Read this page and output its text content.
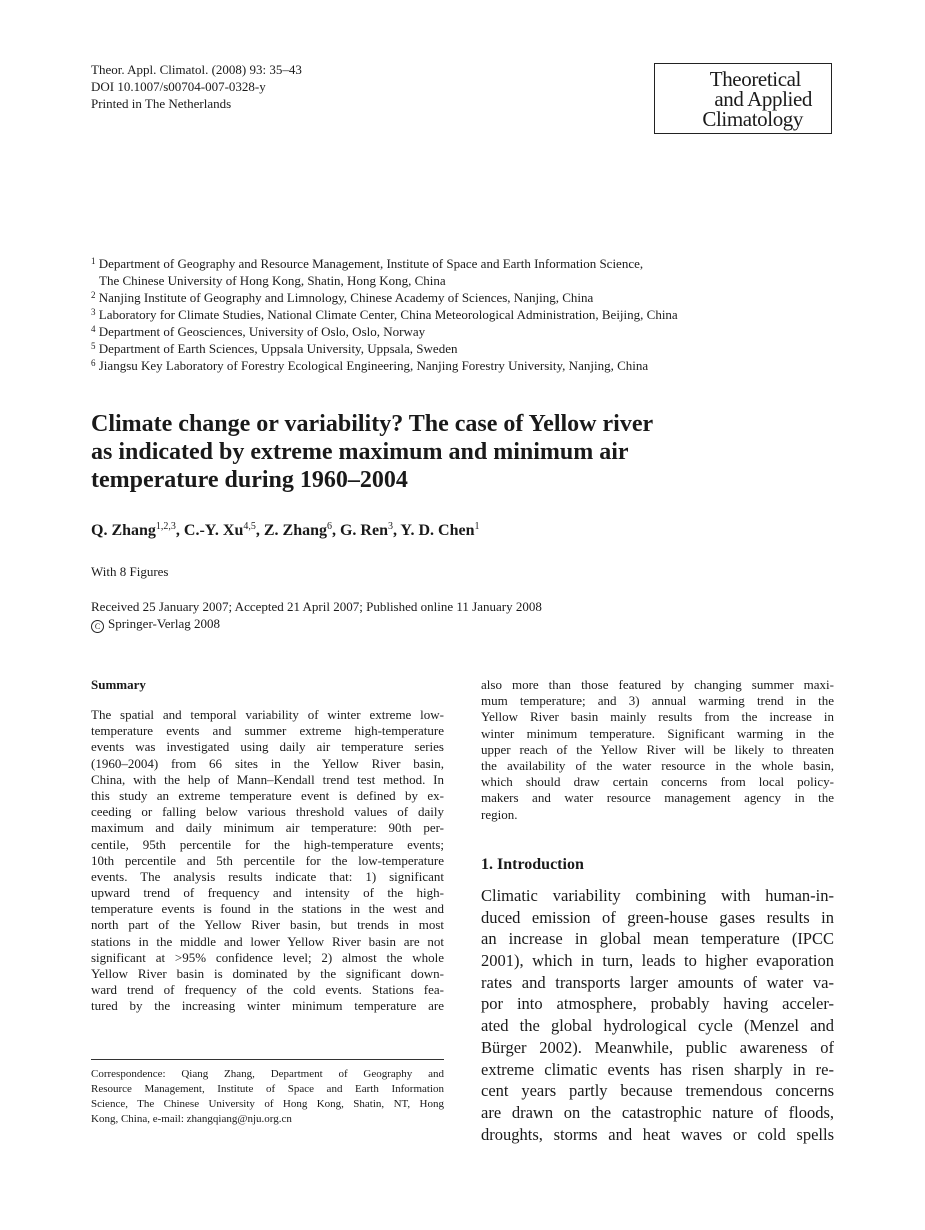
Theor. Appl. Climatol. (2008) 93: 35–43
DOI 10.1007/s00704-007-0328-y
Printed in The Netherlands
Theoretical
and Applied
Climatology
$^1$ Department of Geography and Resource Management, Institute of Space and Earth Information Science,
The Chinese University of Hong Kong, Shatin, Hong Kong, China
$^2$ Nanjing Institute of Geography and Limnology, Chinese Academy of Sciences, Nanjing, China
$^3$ Laboratory for Climate Studies, National Climate Center, China Meteorological Administration, Beijing, China
$^4$ Department of Geosciences, University of Oslo, Oslo, Norway
$^5$ Department of Earth Sciences, Uppsala University, Uppsala, Sweden
$^6$ Jiangsu Key Laboratory of Forestry Ecological Engineering, Nanjing Forestry University, Nanjing, China
Climate change or variability? The case of Yellow river
as indicated by extreme maximum and minimum air
temperature during 1960–2004
Q. Zhang$^{1,2,3}$, C.-Y. Xu$^{4,5}$, Z. Zhang$^6$, G. Ren$^3$, Y. D. Chen$^1$
With 8 Figures
Received 25 January 2007; Accepted 21 April 2007; Published online 11 January 2008
C Springer-Verlag 2008
Summary
The spatial and temporal variability of winter extreme low-
temperature events and summer extreme high-temperature
events was investigated using daily air temperature series
(1960–2004) from 66 sites in the Yellow River basin,
China, with the help of Mann–Kendall trend test method. In
this study an extreme temperature event is defined by ex-
ceeding or falling below various threshold values of daily
maximum and daily minimum air temperature: 90th per-
centile, 95th percentile for the high-temperature events;
10th percentile and 5th percentile for the low-temperature
events. The analysis results indicate that: 1) significant
upward trend of frequency and intensity of the high-
temperature events is found in the stations in the west and
north part of the Yellow River basin, but trends in most
stations in the middle and lower Yellow River basin are not
significant at >95% confidence level; 2) almost the whole
Yellow River basin is dominated by the significant down-
ward trend of frequency of the cold events. Stations fea-
tured by the increasing winter minimum temperature are
also more than those featured by changing summer maxi-
mum temperature; and 3) annual warming trend in the
Yellow River basin mainly results from the increase in
winter minimum temperature. Significant warming in the
upper reach of the Yellow River will be likely to threaten
the availability of the water resource in the whole basin,
which should draw certain concerns from local policy-
makers and water resource management agency in the
region.
Correspondence: Qiang Zhang, Department of Geography and
Resource Management, Institute of Space and Earth Information
Science, The Chinese University of Hong Kong, Shatin, NT, Hong
Kong, China, e-mail: zhangqiang@nju.org.cn
1. Introduction
Climatic variability combining with human-in-
duced emission of green-house gases results in
an increase in global mean temperature (IPCC
2001), which in turn, leads to higher evaporation
rates and transports larger amounts of water va-
por into atmosphere, probably having acceler-
ated the global hydrological cycle (Menzel and
Bürger 2002). Meanwhile, public awareness of
extreme climatic events has risen sharply in re-
cent years partly because tremendous concerns
are drawn on the catastrophic nature of floods,
droughts, storms and heat waves or cold spells
